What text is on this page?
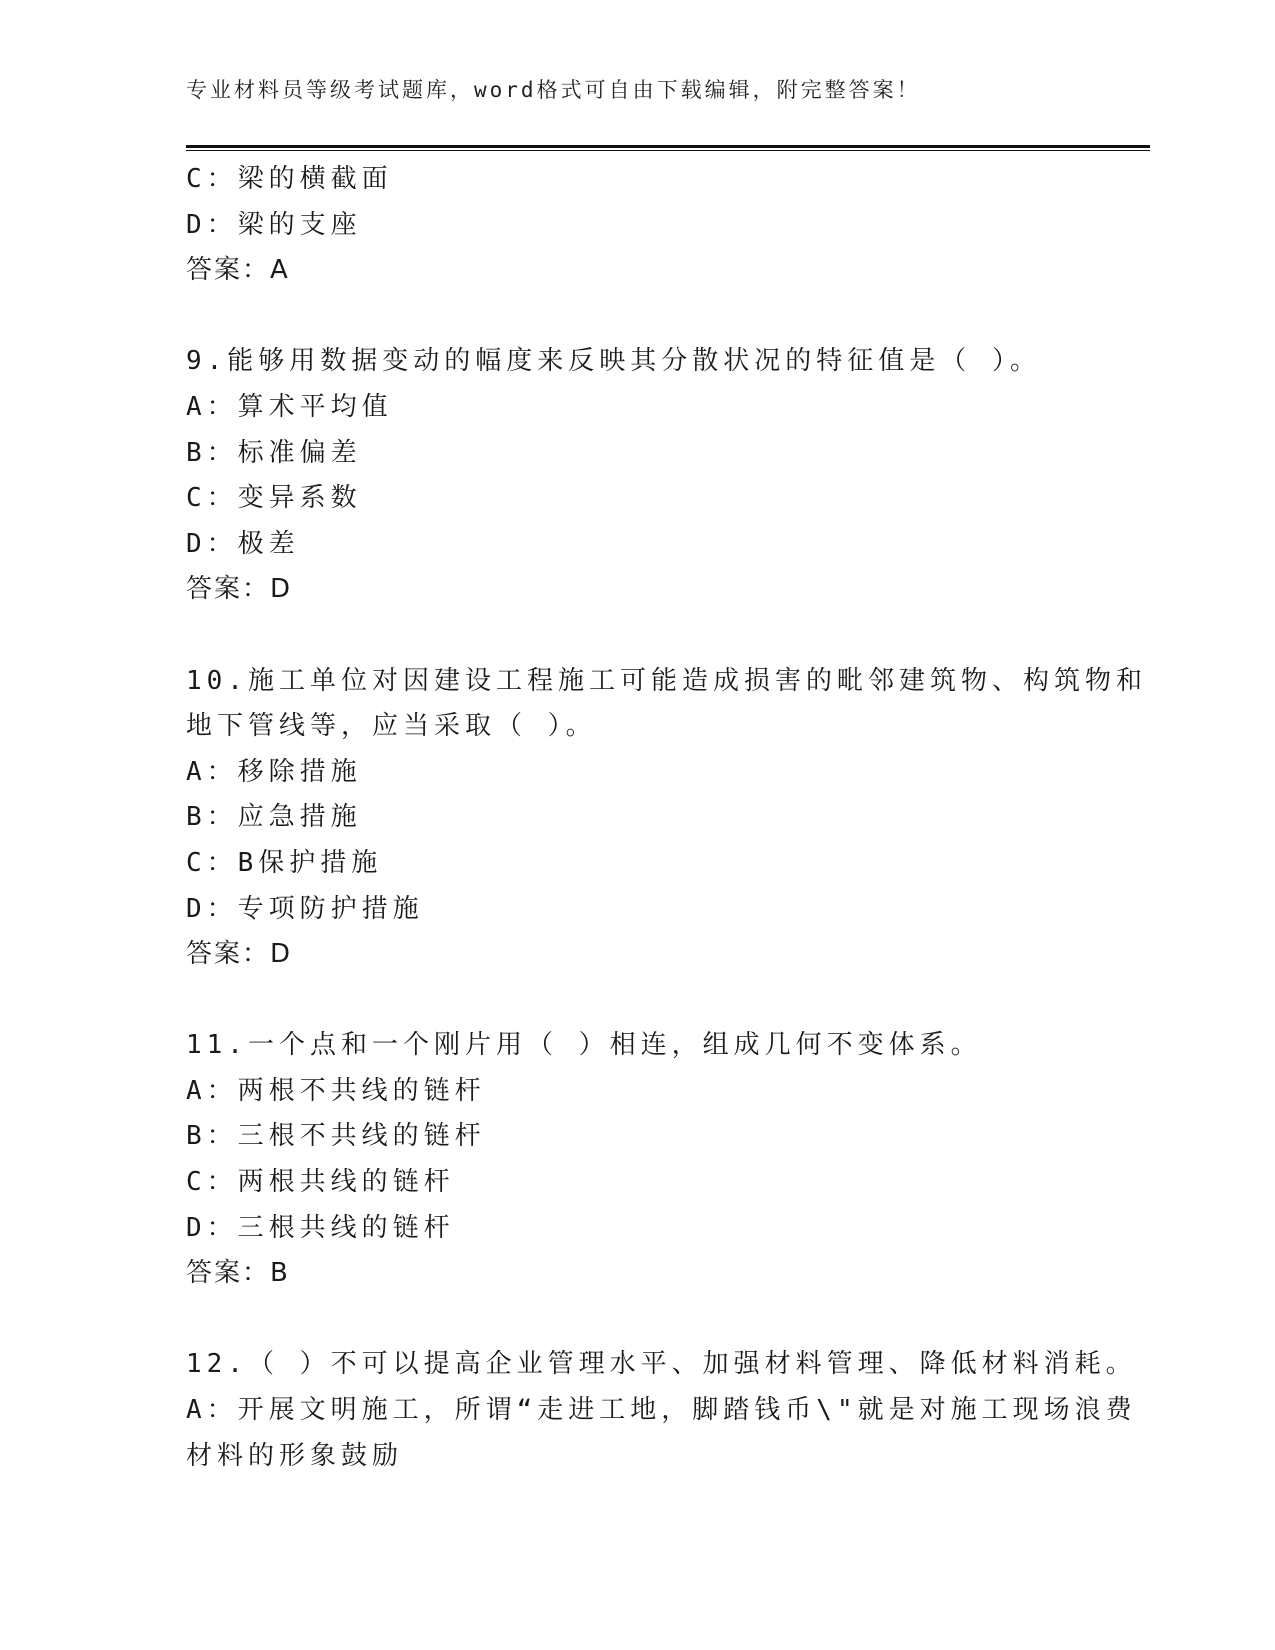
专业材料员等级考试题库，word格式可自由下载编辑，附完整答案！
C：梁的横截面
D：梁的支座
答案：A
9.能够用数据变动的幅度来反映其分散状况的特征值是（ ）。
A：算术平均值
B：标准偏差
C：变异系数
D：极差
答案：D
10.施工单位对因建设工程施工可能造成损害的毗邻建筑物、构筑物和
地下管线等，应当采取（ ）。
A：移除措施
B：应急措施
C：B保护措施
D：专项防护措施
答案：D
11.一个点和一个刚片用（ ）相连，组成几何不变体系。
A：两根不共线的链杆
B：三根不共线的链杆
C：两根共线的链杆
D：三根共线的链杆
答案：B
12.（ ）不可以提高企业管理水平、加强材料管理、降低材料消耗。
A：开展文明施工，所谓“走进工地，脚踏钱币\"就是对施工现场浪费
材料的形象鼓励
